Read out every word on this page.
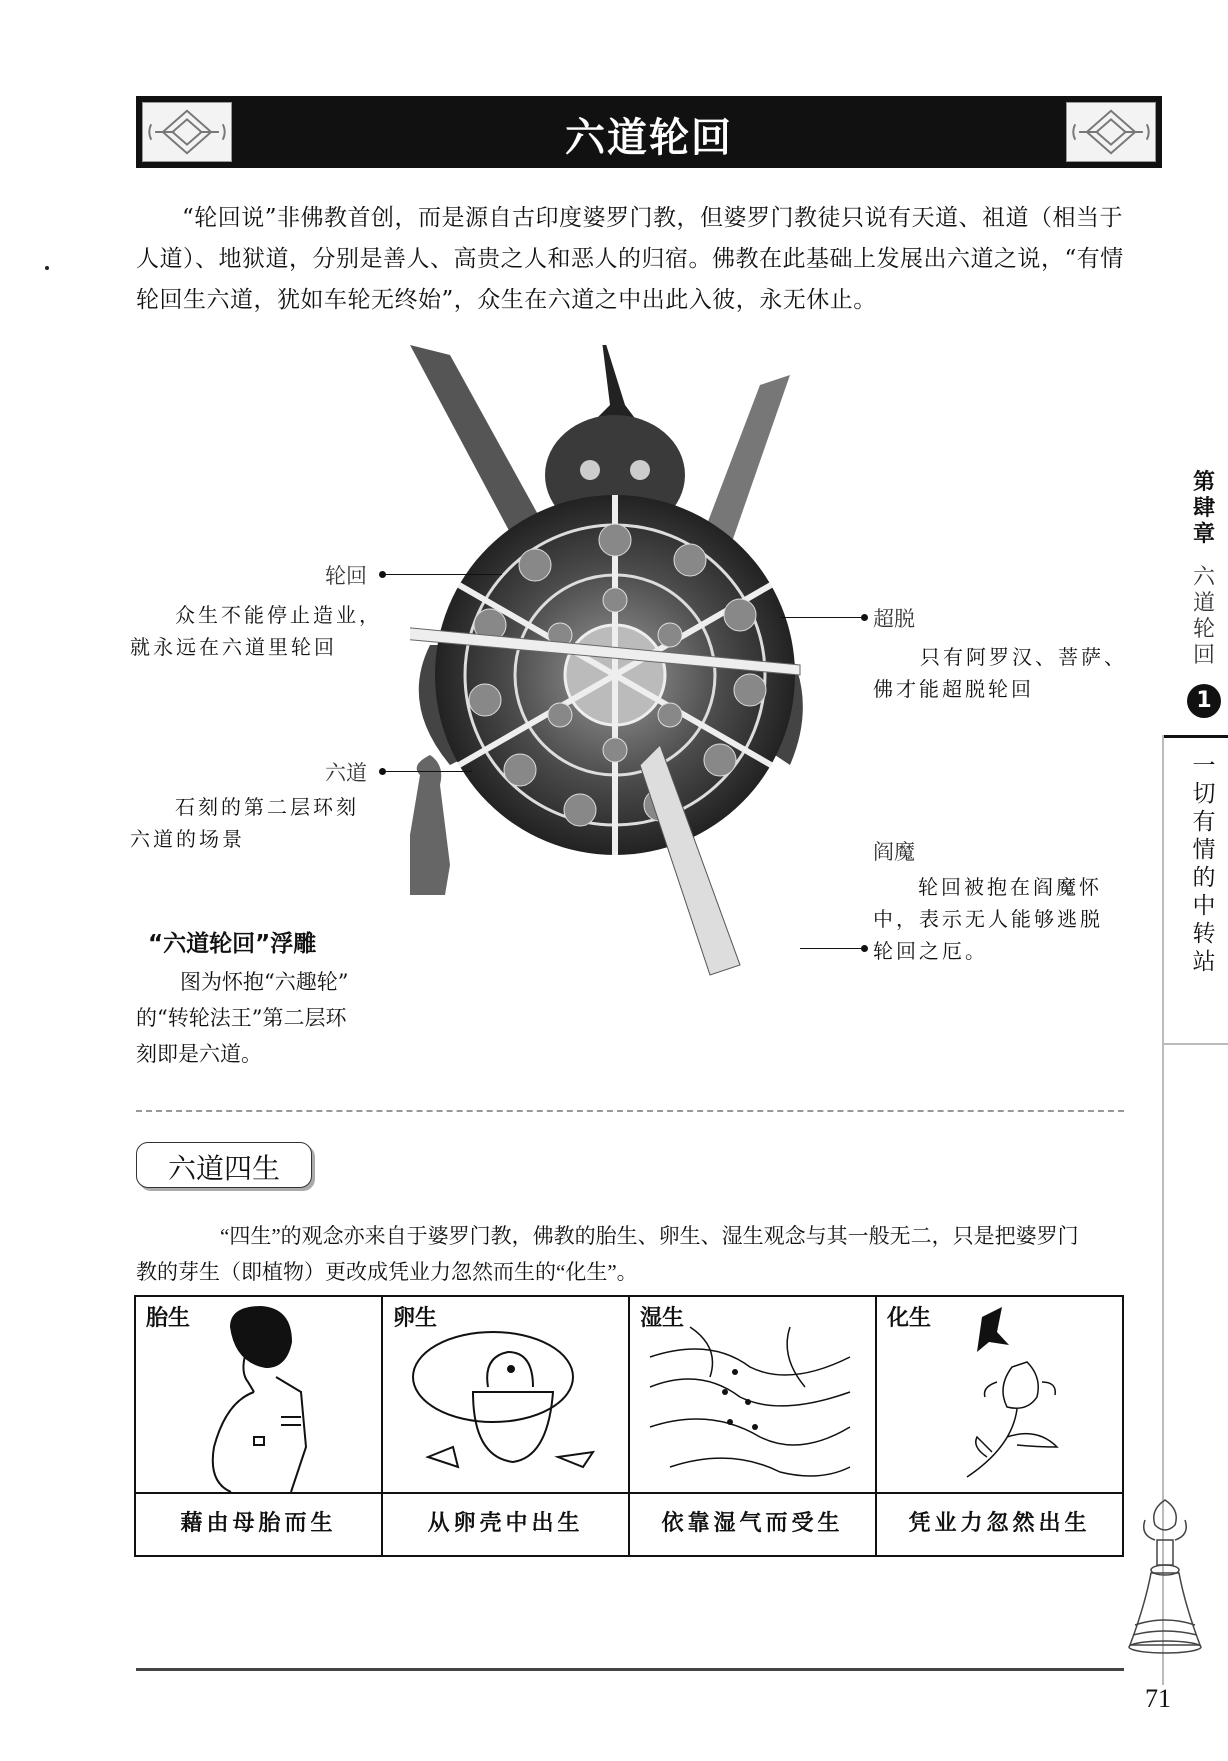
六道轮回
“轮回说”非佛教首创，而是源自古印度婆罗门教，但婆罗门教徒只说有天道、祖道（相当于人道）、地狱道，分别是善人、高贵之人和恶人的归宿。佛教在此基础上发展出六道之说，“有情轮回生六道，犹如车轮无终始”，众生在六道之中出此入彼，永无休止。
轮回
众生不能停止造业，
就永远在六道里轮回
超脱
只有阿罗汉、菩萨、
佛才能超脱轮回
六道
石刻的第二层环刻
六道的场景
阎魔
轮回被抱在阎魔怀
中，表示无人能够逃脱
轮回之厄。
“六道轮回”浮雕
图为怀抱“六趣轮”
的“转轮法王”第二层环
刻即是六道。
六道四生
“四生”的观念亦来自于婆罗门教，佛教的胎生、卵生、湿生观念与其一般无二，只是把婆罗门教的芽生（即植物）更改成凭业力忽然而生的“化生”。
胎生
藉由母胎而生
卵生
从卵壳中出生
湿生
依靠湿气而受生
化生
凭业力忽然出生
第肆章
六道轮回
1
一切有情的中转站
71
